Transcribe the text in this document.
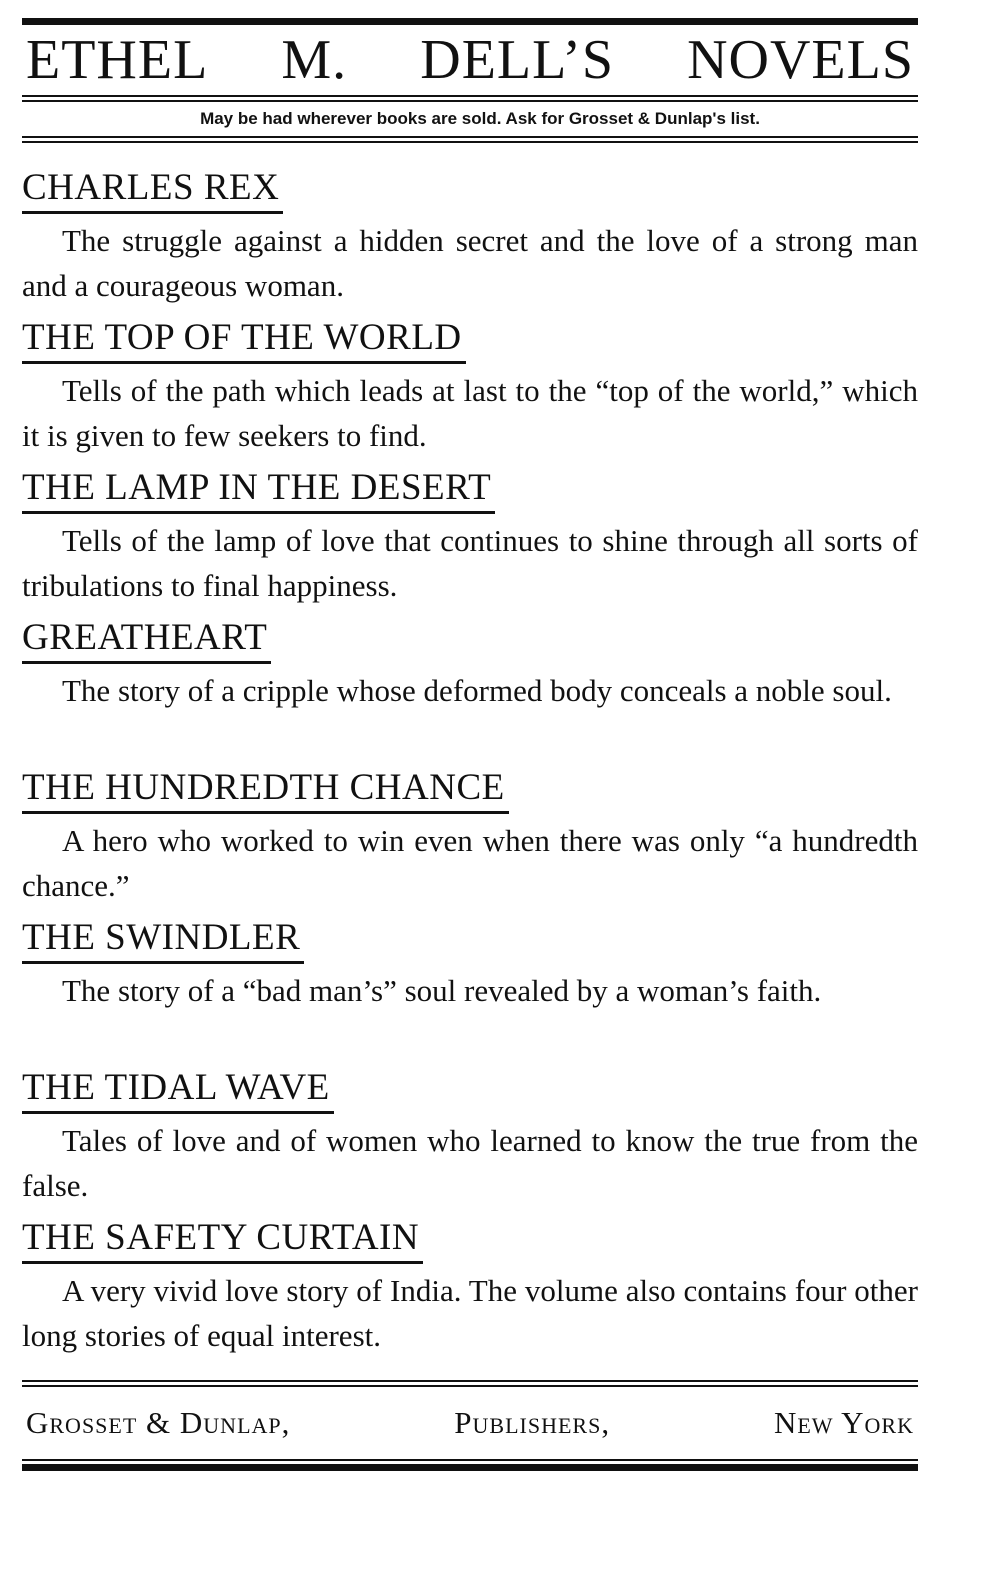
ETHEL M. DELL’S NOVELS
May be had wherever books are sold. Ask for Grosset & Dunlap's list.
CHARLES REX
The struggle against a hidden secret and the love of a strong man and a courageous woman.
THE TOP OF THE WORLD
Tells of the path which leads at last to the “top of the world,” which it is given to few seekers to find.
THE LAMP IN THE DESERT
Tells of the lamp of love that continues to shine through all sorts of tribulations to final happiness.
GREATHEART
The story of a cripple whose deformed body conceals a noble soul.
THE HUNDREDTH CHANCE
A hero who worked to win even when there was only “a hundredth chance.”
THE SWINDLER
The story of a “bad man’s” soul revealed by a woman’s faith.
THE TIDAL WAVE
Tales of love and of women who learned to know the true from the false.
THE SAFETY CURTAIN
A very vivid love story of India. The volume also contains four other long stories of equal interest.
Grosset & Dunlap,	Publishers,	New York
